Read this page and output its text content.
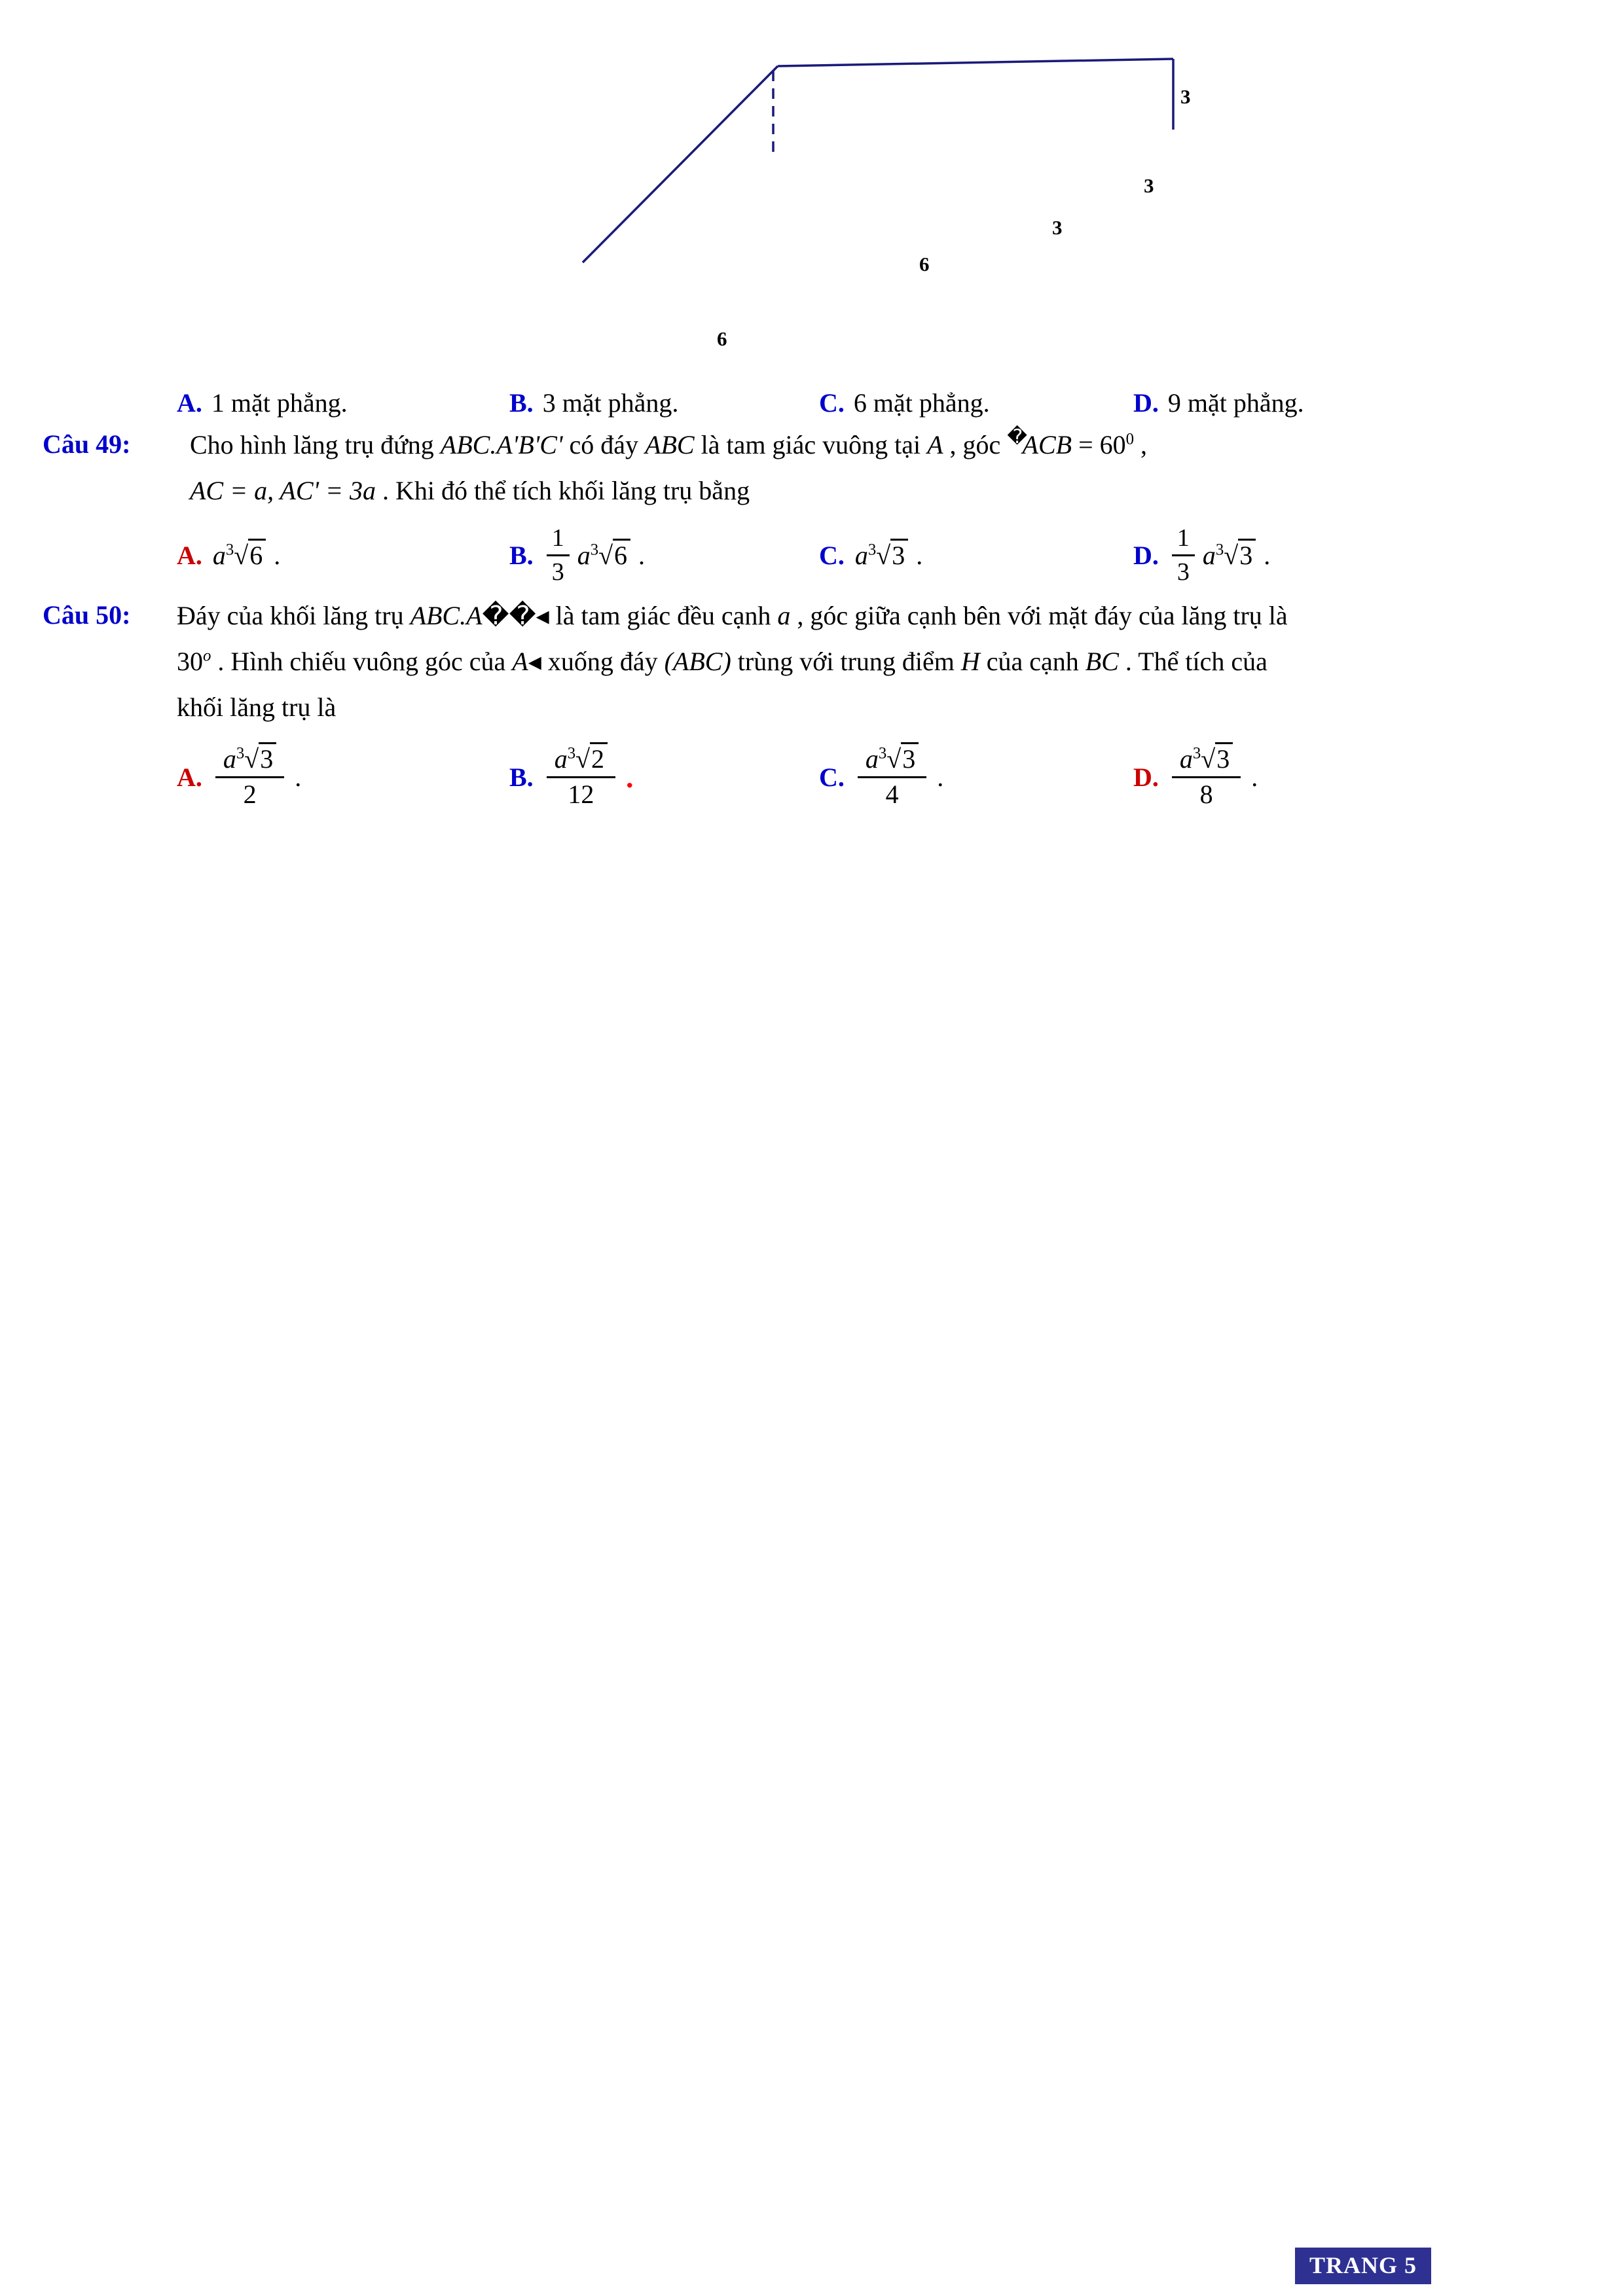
3
3
3
6
6
A. 1 mặt phẳng.	B. 3 mặt phẳng.	C. 6 mặt phẳng.	D. 9 mặt phẳng.
Câu 49: Cho hình lăng trụ đứng ABC.A'B'C' có đáy ABC là tam giác vuông tại A , góc $^�ACB = 60^0$ ,
AC = a, AC' = 3a . Khi đó thể tích khối lăng trụ bằng
A. $a^3√6$ .	B. $\frac{1}{3} a^3√6$ .	C. $a^3√3$ .	D. $\frac{1}{3} a^3√3$ .
Câu 50: Đáy của khối lăng trụ ABC.A��◂ là tam giác đều cạnh a , góc giữa cạnh bên với mặt đáy của lăng trụ là
30$^o$ . Hình chiếu vuông góc của A◂ xuống đáy (ABC) trùng với trung điểm H của cạnh BC . Thể tích của
khối lăng trụ là
A. $\frac{a^3√3}{2}$ .	B. $\frac{a^3√2}{12}$ .	C. $\frac{a^3√3}{4}$ .	D. $\frac{a^3√3}{8}$ .
TRANG 5
